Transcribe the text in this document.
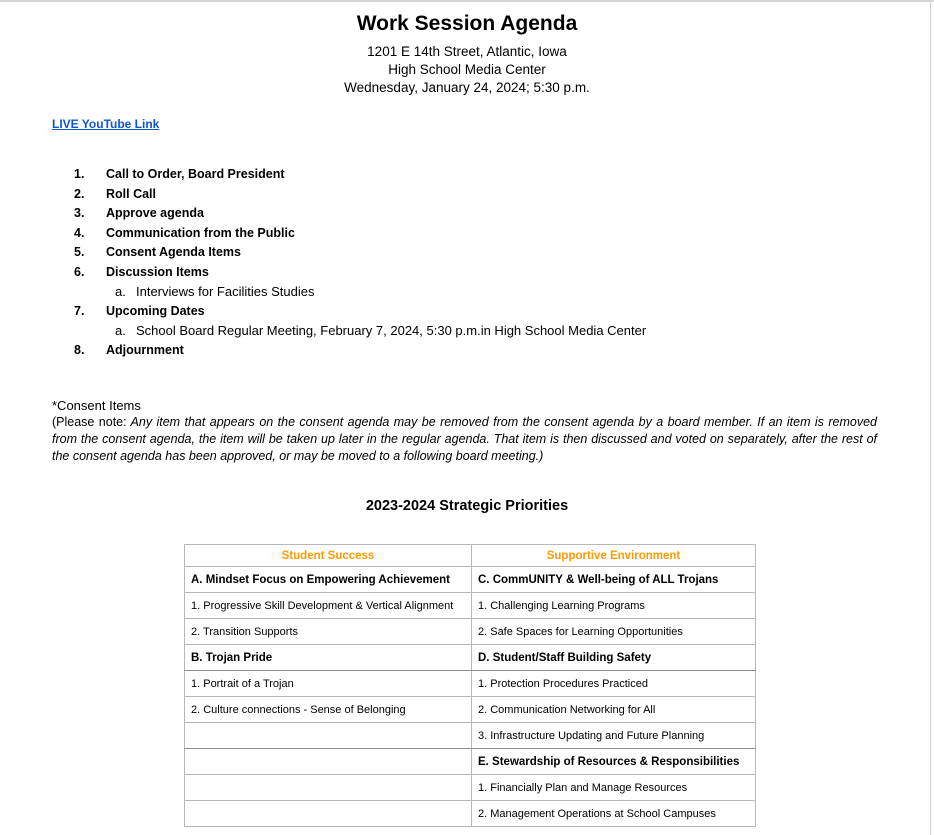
Work Session Agenda
1201 E 14th Street, Atlantic, Iowa
High School Media Center
Wednesday, January 24, 2024; 5:30 p.m.
LIVE YouTube Link
1.	Call to Order, Board President
2.	Roll Call
3.	Approve agenda
4.	Communication from the Public
5.	Consent Agenda Items
6.	Discussion Items
a. Interviews for Facilities Studies
7.	Upcoming Dates
a. School Board Regular Meeting, February 7, 2024, 5:30 p.m.in High School Media Center
8.	Adjournment
*Consent Items

(Please note: Any item that appears on the consent agenda may be removed from the consent agenda by a board member. If an item is removed from the consent agenda, the item will be taken up later in the regular agenda. That item is then discussed and voted on separately, after the rest of the consent agenda has been approved, or may be moved to a following board meeting.)

2023-2024 Strategic Priorities
Student Success	Supportive Environment
A. Mindset Focus on Empowering Achievement	C. CommUNITY & Well-being of ALL Trojans
1. Progressive Skill Development & Vertical Alignment	1. Challenging Learning Programs
2. Transition Supports	2. Safe Spaces for Learning Opportunities
B. Trojan Pride	D. Student/Staff Building Safety
1. Portrait of a Trojan	1. Protection Procedures Practiced
2. Culture connections - Sense of Belonging	2. Communication Networking for All
	3. Infrastructure Updating and Future Planning
	E. Stewardship of Resources & Responsibilities
	1. Financially Plan and Manage Resources
	2. Management Operations at School Campuses
